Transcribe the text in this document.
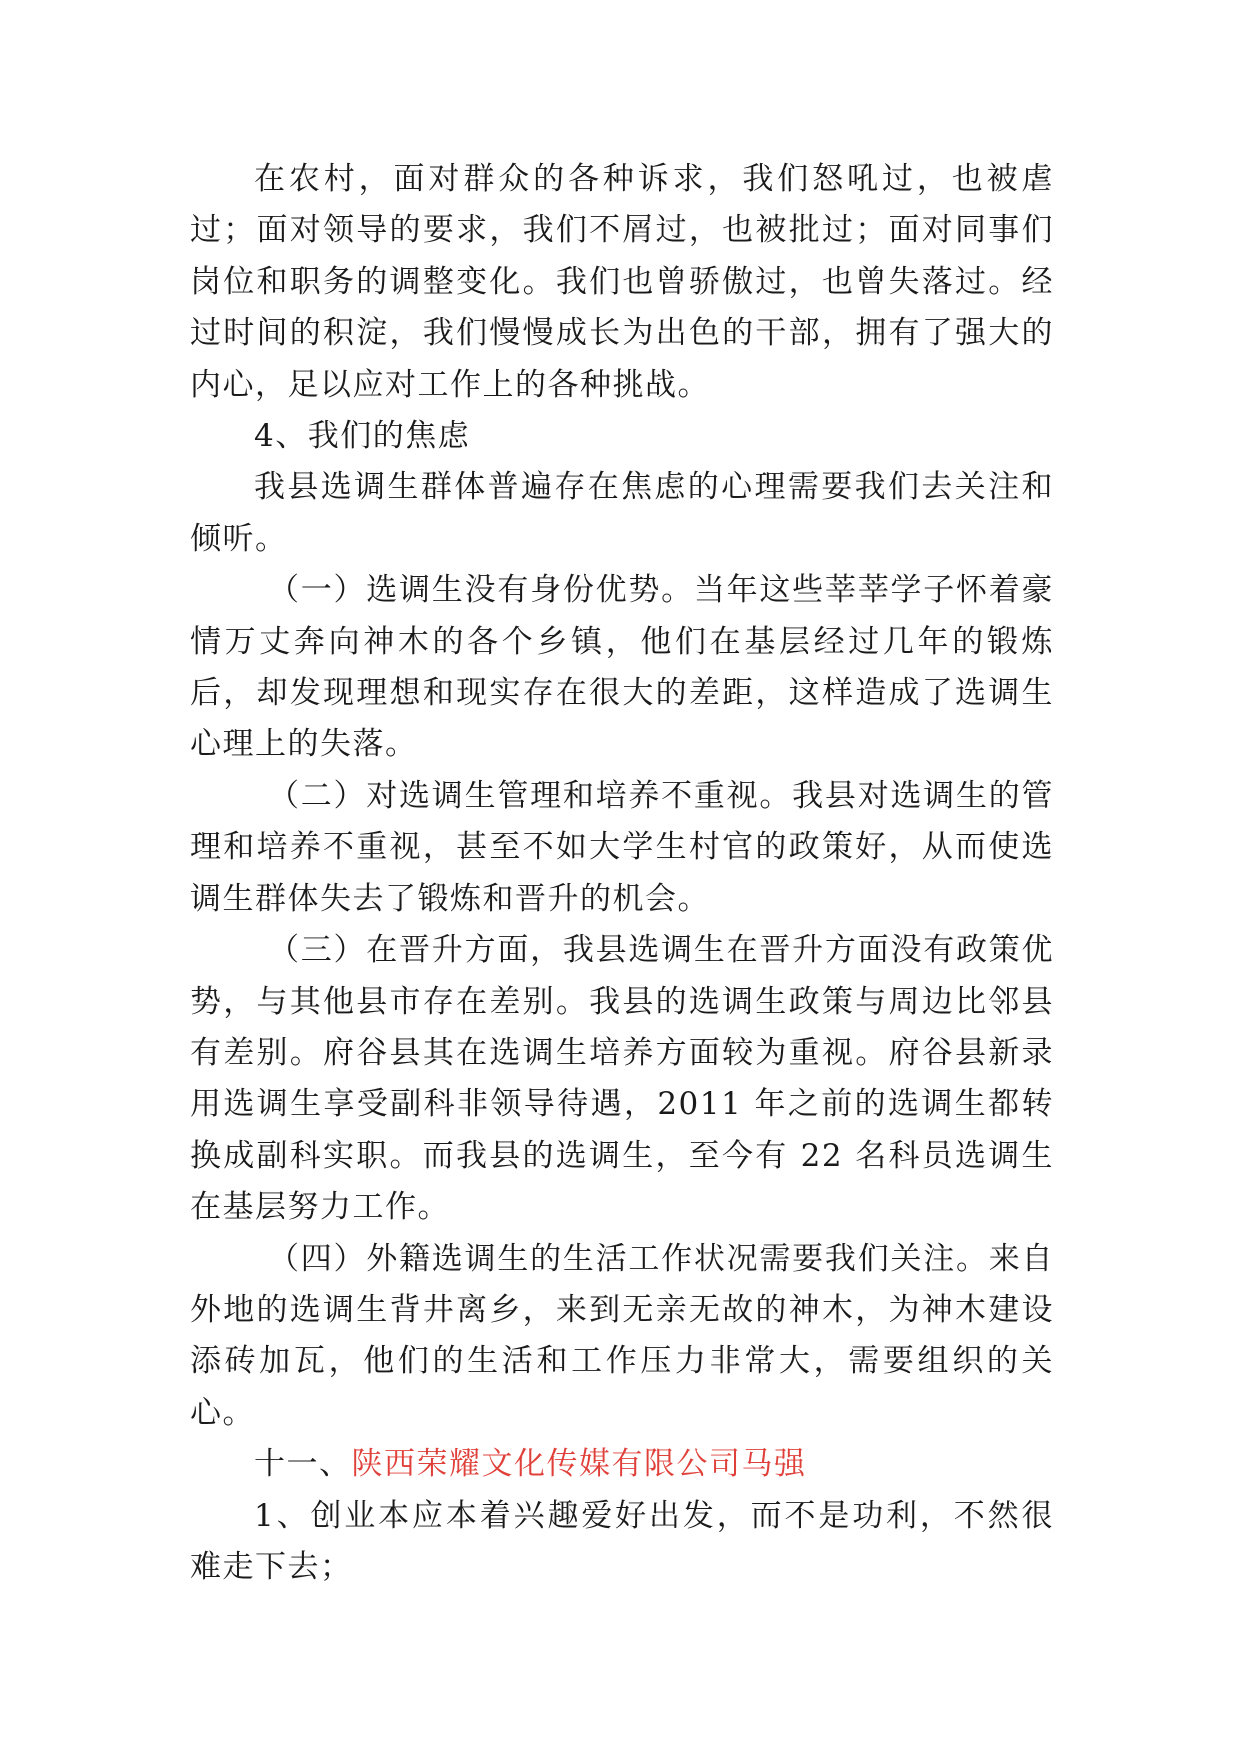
在农村，面对群众的各种诉求，我们怒吼过，也被虐过；面对领导的要求，我们不屑过，也被批过；面对同事们岗位和职务的调整变化。我们也曾骄傲过，也曾失落过。经过时间的积淀，我们慢慢成长为出色的干部，拥有了强大的内心，足以应对工作上的各种挑战。

4、我们的焦虑

我县选调生群体普遍存在焦虑的心理需要我们去关注和倾听。

（一）选调生没有身份优势。当年这些莘莘学子怀着豪情万丈奔向神木的各个乡镇，他们在基层经过几年的锻炼后，却发现理想和现实存在很大的差距，这样造成了选调生心理上的失落。

（二）对选调生管理和培养不重视。我县对选调生的管理和培养不重视，甚至不如大学生村官的政策好，从而使选调生群体失去了锻炼和晋升的机会。

（三）在晋升方面，我县选调生在晋升方面没有政策优势，与其他县市存在差别。我县的选调生政策与周边比邻县有差别。府谷县其在选调生培养方面较为重视。府谷县新录用选调生享受副科非领导待遇，2011 年之前的选调生都转换成副科实职。而我县的选调生，至今有 22 名科员选调生在基层努力工作。

（四）外籍选调生的生活工作状况需要我们关注。来自外地的选调生背井离乡，来到无亲无故的神木，为神木建设添砖加瓦，他们的生活和工作压力非常大，需要组织的关心。

十一、陕西荣耀文化传媒有限公司马强

1、创业本应本着兴趣爱好出发，而不是功利，不然很难走下去；
